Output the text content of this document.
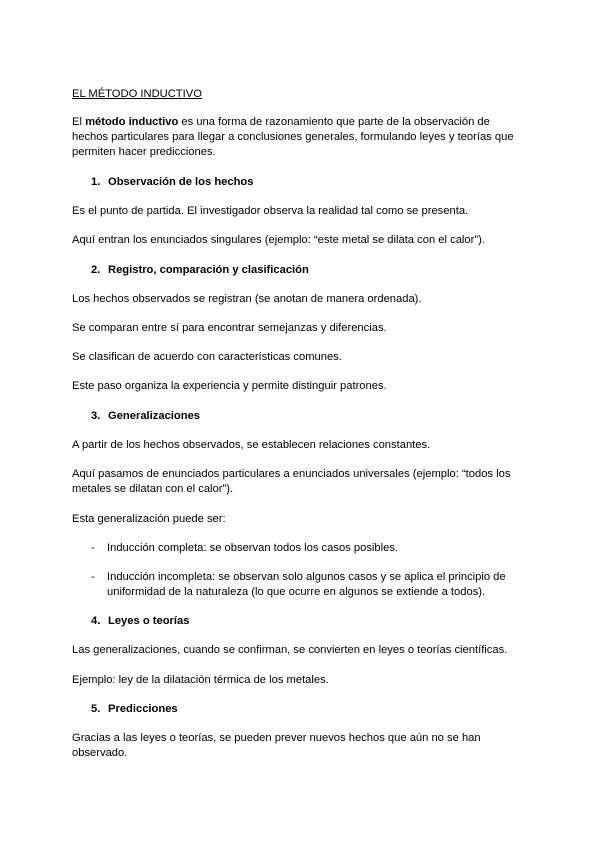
EL MÉTODO INDUCTIVO
El método inductivo es una forma de razonamiento que parte de la observación de hechos particulares para llegar a conclusiones generales, formulando leyes y teorías que permiten hacer predicciones.
1. Observación de los hechos
Es el punto de partida. El investigador observa la realidad tal como se presenta.
Aquí entran los enunciados singulares (ejemplo: “este metal se dilata con el calor”).
2. Registro, comparación y clasificación
Los hechos observados se registran (se anotan de manera ordenada).
Se comparan entre sí para encontrar semejanzas y diferencias.
Se clasifican de acuerdo con características comunes.
Este paso organiza la experiencia y permite distinguir patrones.
3. Generalizaciones
A partir de los hechos observados, se establecen relaciones constantes.
Aquí pasamos de enunciados particulares a enunciados universales (ejemplo: “todos los metales se dilatan con el calor”).
Esta generalización puede ser:
- Inducción completa: se observan todos los casos posibles.
- Inducción incompleta: se observan solo algunos casos y se aplica el principio de uniformidad de la naturaleza (lo que ocurre en algunos se extiende a todos).
4. Leyes o teorías
Las generalizaciones, cuando se confirman, se convierten en leyes o teorías científicas.
Ejemplo: ley de la dilatación térmica de los metales.
5. Predicciones
Gracias a las leyes o teorías, se pueden prever nuevos hechos que aún no se han observado.
